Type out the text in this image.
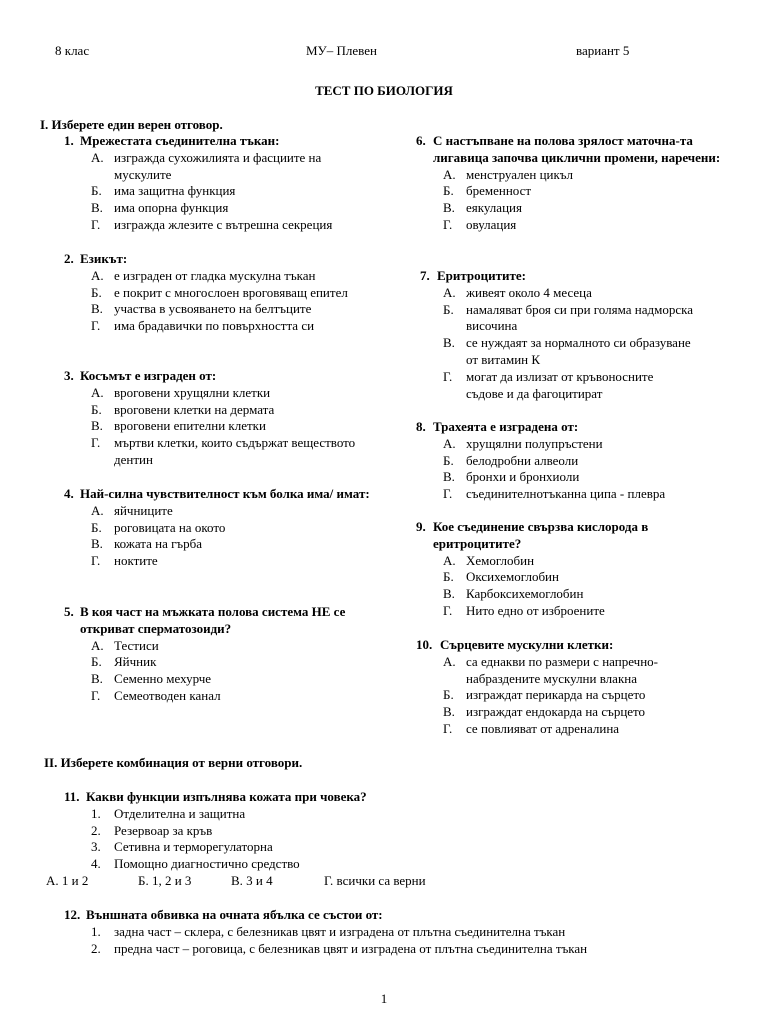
8 клас	МУ– Плевен	вариант 5
ТЕСТ ПО БИОЛОГИЯ
I. Изберете един верен отговор.
1. Мрежестата съединителна тъкан:
А. изгражда сухожилията и фасциите на мускулите
Б. има защитна функция
В. има опорна функция
Г.	изгражда жлезите с вътрешна секреция
2. Езикът:
А. е изграден от гладка мускулна тъкан
Б. е покрит с многослоен вроговяващ епител
В. участва в усвояването на белтъците
Г.	има брадавички по повърхността си
3. Косъмът е изграден от:
А. вроговени хрущялни клетки
Б. вроговени клетки на дермата
В. вроговени епителни клетки
Г.	мъртви клетки, които съдържат веществото дентин
4. Най-силна чувствителност към болка има/ имат:
А. яйчниците
Б. роговицата на окото
В. кожата на гърба
Г.	ноктите
5. В коя част на мъжката полова система НЕ се откриват сперматозоиди?
А. Тестиси
Б. Яйчник
В. Семенно мехурче
Г.	Семеотводен канал
6. С настъпване на полова зрялост маточна-та лигавица започва циклични промени, наречени:
А. менструален цикъл
Б. бременност
В. еякулация
Г.	овулация
7. Еритроцитите:
А. живеят около 4 месеца
Б. намаляват броя си при голяма надморска височина
В. се нуждаят за нормалното си образуване от витамин К
Г.	могат да излизат от кръвоносните съдове и да фагоцитират
8. Трахеята е изградена от:
А. хрущялни полупръстени
Б. белодробни алвеоли
В. бронхи и бронхиоли
Г.	съединителнотъканна ципа - плевра
9. Кое съединение свързва кислорода в еритроцитите?
А. Хемоглобин
Б. Оксихемоглобин
В. Карбоксихемоглобин
Г.	Нито едно от изброените
10. Сърцевите мускулни клетки:
А. са еднакви по размери с напречно-набраздените мускулни влакна
Б. изграждат перикарда на сърцето
В. изграждат ендокарда на сърцето
Г.	се повлияват от адреналина
II. Изберете комбинация от верни отговори.
11. Какви функции изпълнява кожата при човека?
1.	Отделителна и защитна
2.	Резервоар за кръв
3.	Сетивна и терморегулаторна
4.	Помощно диагностично средство
А. 1 и 2	Б. 1, 2 и 3	В. 3 и 4	Г. всички са верни
12. Външната обвивка на очната ябълка се състои от:
1.	задна част – склера, с белезникав цвят и изградена от плътна съединителна тъкан
2.	предна част – роговица, с белезникав цвят и изградена от плътна съединителна тъкан
1
